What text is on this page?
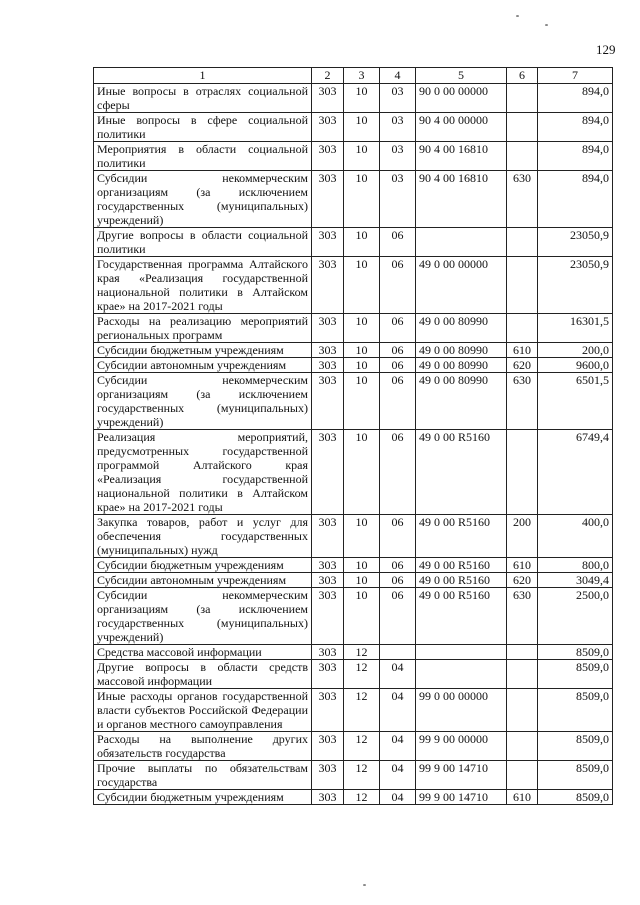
129
1	2	3	4	5	6	7
Иные вопросы в отраслях социальной сферы	303	10	03	90 0 00 00000		894,0
Иные вопросы в сфере социальной политики	303	10	03	90 4 00 00000		894,0
Мероприятия в области социальной политики	303	10	03	90 4 00 16810		894,0
Субсидии некоммерческим организациям (за исключением государственных (муниципальных) учреждений)	303	10	03	90 4 00 16810	630	894,0
Другие вопросы в области социальной политики	303	10	06			23050,9
Государственная программа Алтайского края «Реализация государственной национальной политики в Алтайском крае» на 2017-2021 годы	303	10	06	49 0 00 00000		23050,9
Расходы на реализацию мероприятий региональных программ	303	10	06	49 0 00 80990		16301,5
Субсидии бюджетным учреждениям	303	10	06	49 0 00 80990	610	200,0
Субсидии автономным учреждениям	303	10	06	49 0 00 80990	620	9600,0
Субсидии некоммерческим организациям (за исключением государственных (муниципальных) учреждений)	303	10	06	49 0 00 80990	630	6501,5
Реализация мероприятий, предусмотренных государственной программой Алтайского края «Реализация государственной национальной политики в Алтайском крае» на 2017-2021 годы	303	10	06	49 0 00 R5160		6749,4
Закупка товаров, работ и услуг для обеспечения государственных (муниципальных) нужд	303	10	06	49 0 00 R5160	200	400,0
Субсидии бюджетным учреждениям	303	10	06	49 0 00 R5160	610	800,0
Субсидии автономным учреждениям	303	10	06	49 0 00 R5160	620	3049,4
Субсидии некоммерческим организациям (за исключением государственных (муниципальных) учреждений)	303	10	06	49 0 00 R5160	630	2500,0
Средства массовой информации	303	12				8509,0
Другие вопросы в области средств массовой информации	303	12	04			8509,0
Иные расходы органов государственной власти субъектов Российской Федерации и органов местного самоуправления	303	12	04	99 0 00 00000		8509,0
Расходы на выполнение других обязательств государства	303	12	04	99 9 00 00000		8509,0
Прочие выплаты по обязательствам государства	303	12	04	99 9 00 14710		8509,0
Субсидии бюджетным учреждениям	303	12	04	99 9 00 14710	610	8509,0
